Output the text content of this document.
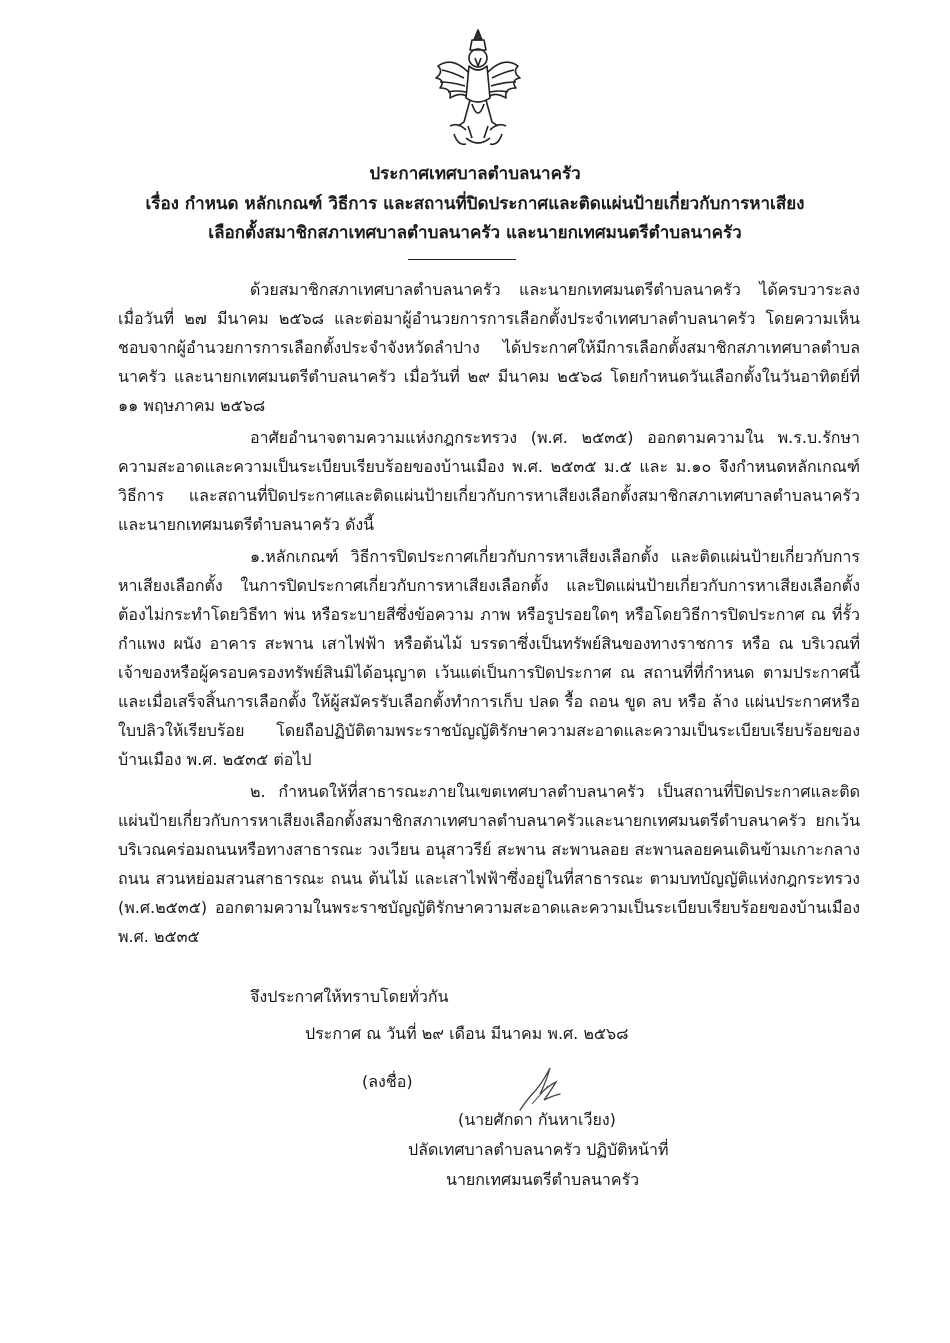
ประกาศเทศบาลตำบลนาครัว
เรื่อง กำหนด หลักเกณฑ์ วิธีการ และสถานที่ปิดประกาศและติดแผ่นป้ายเกี่ยวกับการหาเสียง
เลือกตั้งสมาชิกสภาเทศบาลตำบลนาครัว และนายกเทศมนตรีตำบลนาครัว

ด้วยสมาชิกสภาเทศบาลตำบลนาครัว และนายกเทศมนตรีตำบลนาครัว ได้ครบวาระลง เมื่อวันที่ ๒๗ มีนาคม ๒๕๖๘ และต่อมาผู้อำนวยการการเลือกตั้งประจำเทศบาลตำบลนาครัว โดยความเห็นชอบจากผู้อำนวยการการเลือกตั้งประจำจังหวัดลำปาง ได้ประกาศให้มีการเลือกตั้งสมาชิกสภาเทศบาลตำบลนาครัว และนายกเทศมนตรีตำบลนาครัว เมื่อวันที่ ๒๙ มีนาคม ๒๕๖๘ โดยกำหนดวันเลือกตั้งในวันอาทิตย์ที่ ๑๑ พฤษภาคม ๒๕๖๘

อาศัยอำนาจตามความแห่งกฎกระทรวง (พ.ศ. ๒๕๓๕) ออกตามความใน พ.ร.บ.รักษาความสะอาดและความเป็นระเบียบเรียบร้อยของบ้านเมือง พ.ศ. ๒๕๓๕ ม.๕ และ ม.๑๐ จึงกำหนดหลักเกณฑ์ วิธีการ และสถานที่ปิดประกาศและติดแผ่นป้ายเกี่ยวกับการหาเสียงเลือกตั้งสมาชิกสภาเทศบาลตำบลนาครัว และนายกเทศมนตรีตำบลนาครัว ดังนี้

๑.หลักเกณฑ์ วิธีการปิดประกาศเกี่ยวกับการหาเสียงเลือกตั้ง และติดแผ่นป้ายเกี่ยวกับการหาเสียงเลือกตั้ง ในการปิดประกาศเกี่ยวกับการหาเสียงเลือกตั้ง และปิดแผ่นป้ายเกี่ยวกับการหาเสียงเลือกตั้ง ต้องไม่กระทำโดยวิธีทา พ่น หรือระบายสีซึ่งข้อความ ภาพ หรือรูปรอยใดๆ หรือโดยวิธีการปิดประกาศ ณ ที่รั้ว กำแพง ผนัง อาคาร สะพาน เสาไฟฟ้า หรือต้นไม้ บรรดาซึ่งเป็นทรัพย์สินของทางราชการ หรือ ณ บริเวณที่เจ้าของหรือผู้ครอบครองทรัพย์สินมิได้อนุญาต เว้นแต่เป็นการปิดประกาศ ณ สถานที่ที่กำหนด ตามประกาศนี้ และเมื่อเสร็จสิ้นการเลือกตั้ง ให้ผู้สมัครรับเลือกตั้งทำการเก็บ ปลด รื้อ ถอน ขูด ลบ หรือ ล้าง แผ่นประกาศหรือใบปลิวให้เรียบร้อย โดยถือปฏิบัติตามพระราชบัญญัติรักษาความสะอาดและความเป็นระเบียบเรียบร้อยของบ้านเมือง พ.ศ. ๒๕๓๕ ต่อไป

๒. กำหนดให้ที่สาธารณะภายในเขตเทศบาลตำบลนาครัว เป็นสถานที่ปิดประกาศและติดแผ่นป้ายเกี่ยวกับการหาเสียงเลือกตั้งสมาชิกสภาเทศบาลตำบลนาครัวและนายกเทศมนตรีตำบลนาครัว ยกเว้นบริเวณคร่อมถนนหรือทางสาธารณะ วงเวียน อนุสาวรีย์ สะพาน สะพานลอย สะพานลอยคนเดินข้ามเกาะกลางถนน สวนหย่อมสวนสาธารณะ ถนน ต้นไม้ และเสาไฟฟ้าซึ่งอยู่ในที่สาธารณะ ตามบทบัญญัติแห่งกฎกระทรวง (พ.ศ.๒๕๓๕) ออกตามความในพระราชบัญญัติรักษาความสะอาดและความเป็นระเบียบเรียบร้อยของบ้านเมือง พ.ศ. ๒๕๓๕

จึงประกาศให้ทราบโดยทั่วกัน
ประกาศ ณ วันที่ ๒๙ เดือน มีนาคม พ.ศ. ๒๕๖๘
(ลงชื่อ)
(นายศักดา กันหาเวียง)
ปลัดเทศบาลตำบลนาครัว ปฏิบัติหน้าที่
นายกเทศมนตรีตำบลนาครัว
